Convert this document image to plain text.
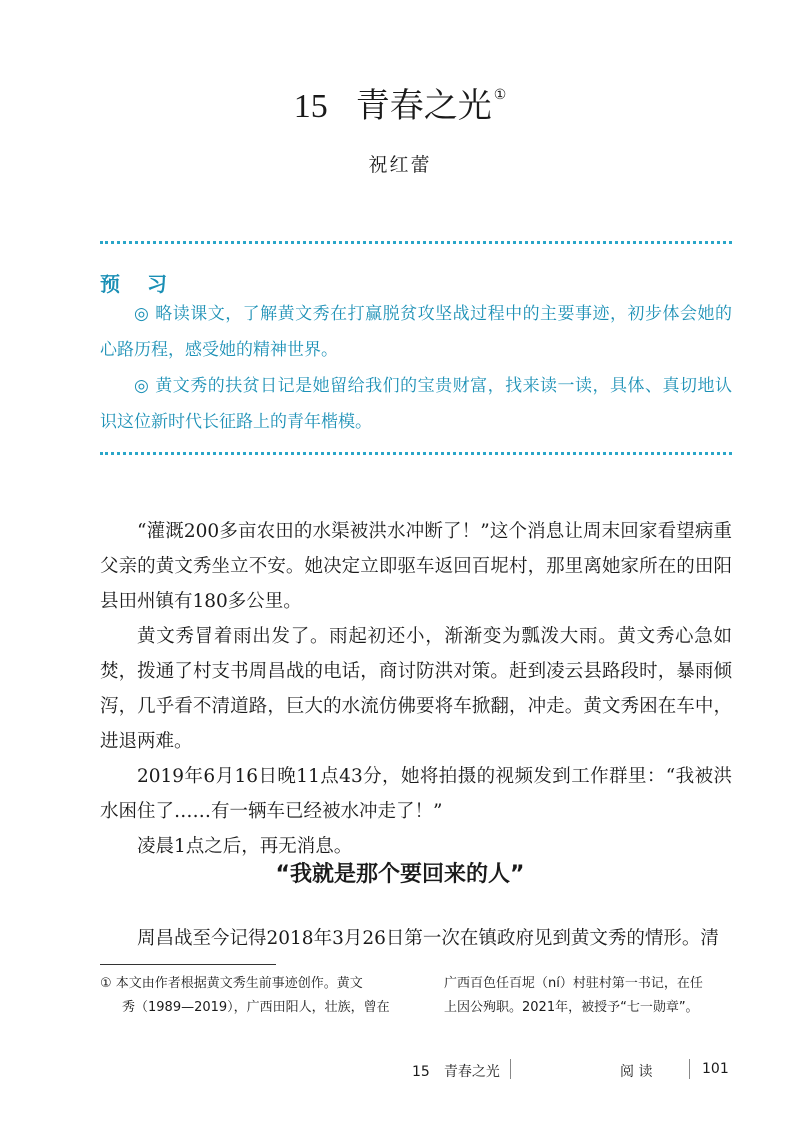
15 青春之光 ①
祝红蕾
预 习

◎ 略读课文，了解黄文秀在打赢脱贫攻坚战过程中的主要事迹，初步体会她的心路历程，感受她的精神世界。

◎ 黄文秀的扶贫日记是她留给我们的宝贵财富，找来读一读，具体、真切地认识这位新时代长征路上的青年楷模。

“灌溉200多亩农田的水渠被洪水冲断了！”这个消息让周末回家看望病重父亲的黄文秀坐立不安。她决定立即驱车返回百坭村，那里离她家所在的田阳县田州镇有180多公里。

黄文秀冒着雨出发了。雨起初还小，渐渐变为瓢泼大雨。黄文秀心急如焚，拨通了村支书周昌战的电话，商讨防洪对策。赶到凌云县路段时，暴雨倾泻，几乎看不清道路，巨大的水流仿佛要将车掀翻，冲走。黄文秀困在车中，进退两难。

2019年6月16日晚11点43分，她将拍摄的视频发到工作群里：“我被洪水困住了……有一辆车已经被水冲走了！”

凌晨1点之后，再无消息。

“我就是那个要回来的人”

周昌战至今记得2018年3月26日第一次在镇政府见到黄文秀的情形。清

① 本文由作者根据黄文秀生前事迹创作。黄文
秀（1989—2019），广西田阳人，壮族，曾在
广西百色任百坭（ní）村驻村第一书记，在任
上因公殉职。2021年，被授予“七一勋章”。
15　青春之光	阅 读	101
